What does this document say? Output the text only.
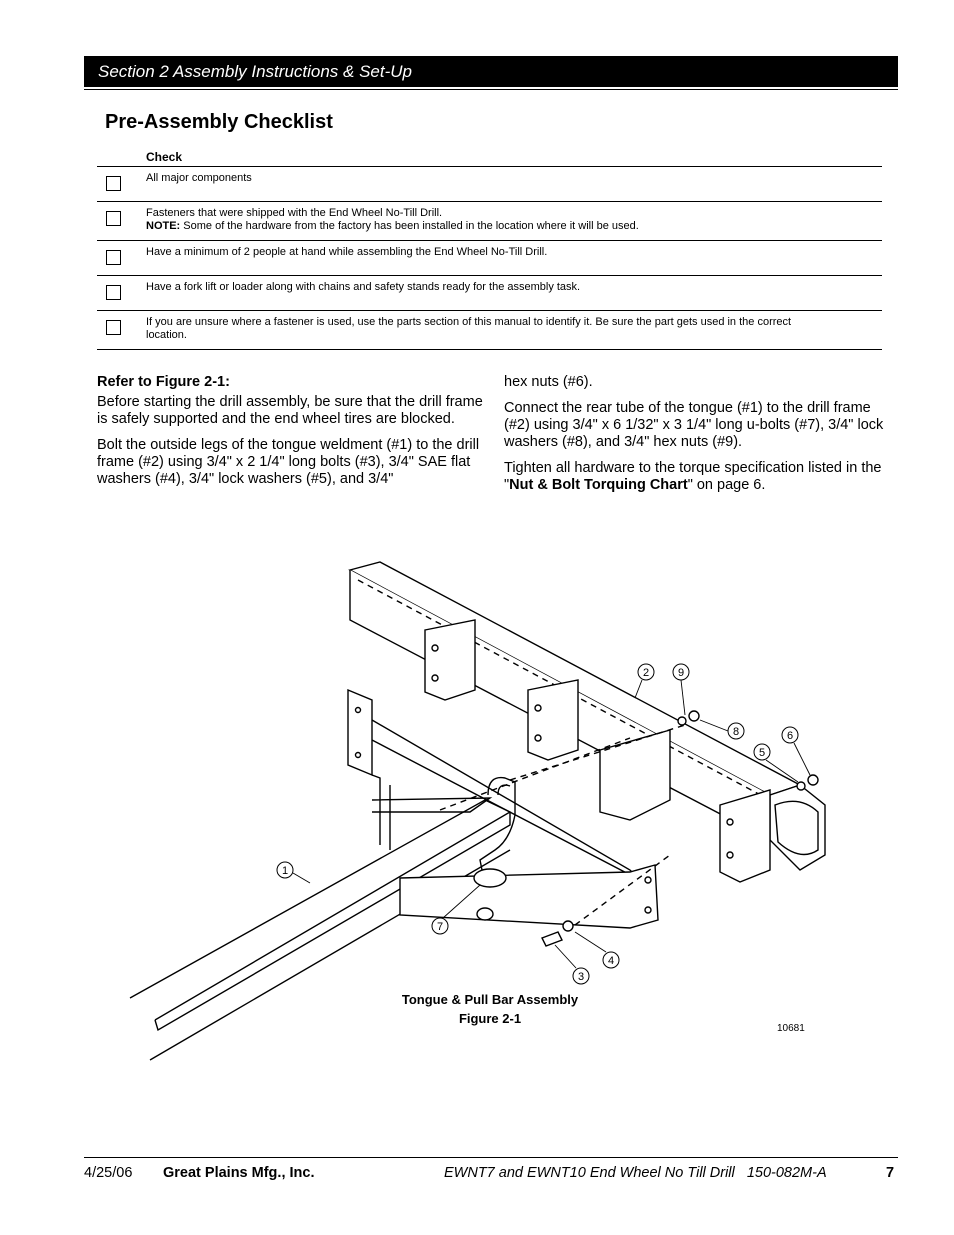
Section 2 Assembly Instructions & Set-Up
Pre-Assembly Checklist
Check
All major components
Fasteners that were shipped with the End Wheel No-Till Drill.
NOTE: Some of the hardware from the factory has been installed in the location where it will be used.
Have a minimum of 2 people at hand while assembling the End Wheel No-Till Drill.
Have a fork lift or loader along with chains and safety stands ready for the assembly task.
If you are unsure where a fastener is used, use the parts section of this manual to identify it. Be sure the part gets used in the correct location.

Refer to Figure 2-1:

Before starting the drill assembly, be sure that the drill frame is safely supported and the end wheel tires are blocked.

Bolt the outside legs of the tongue weldment (#1) to the drill frame (#2) using 3/4" x 2 1/4" long bolts (#3), 3/4" SAE flat washers (#4), 3/4" lock washers (#5), and 3/4"

hex nuts (#6).

Connect the rear tube of the tongue (#1) to the drill frame (#2) using 3/4" x 6 1/32" x 3 1/4" long u-bolts (#7), 3/4" lock washers (#8), and 3/4" hex nuts (#9).

Tighten all hardware to the torque specification listed in the "Nut & Bolt Torquing Chart" on page 6.

1
2
3
4
5
6
7
8
9
Tongue & Pull Bar Assembly
Figure 2-1
10681
4/25/06 Great Plains Mfg., Inc.	EWNT7 and EWNT10 End Wheel No Till Drill   150-082M-A	7
